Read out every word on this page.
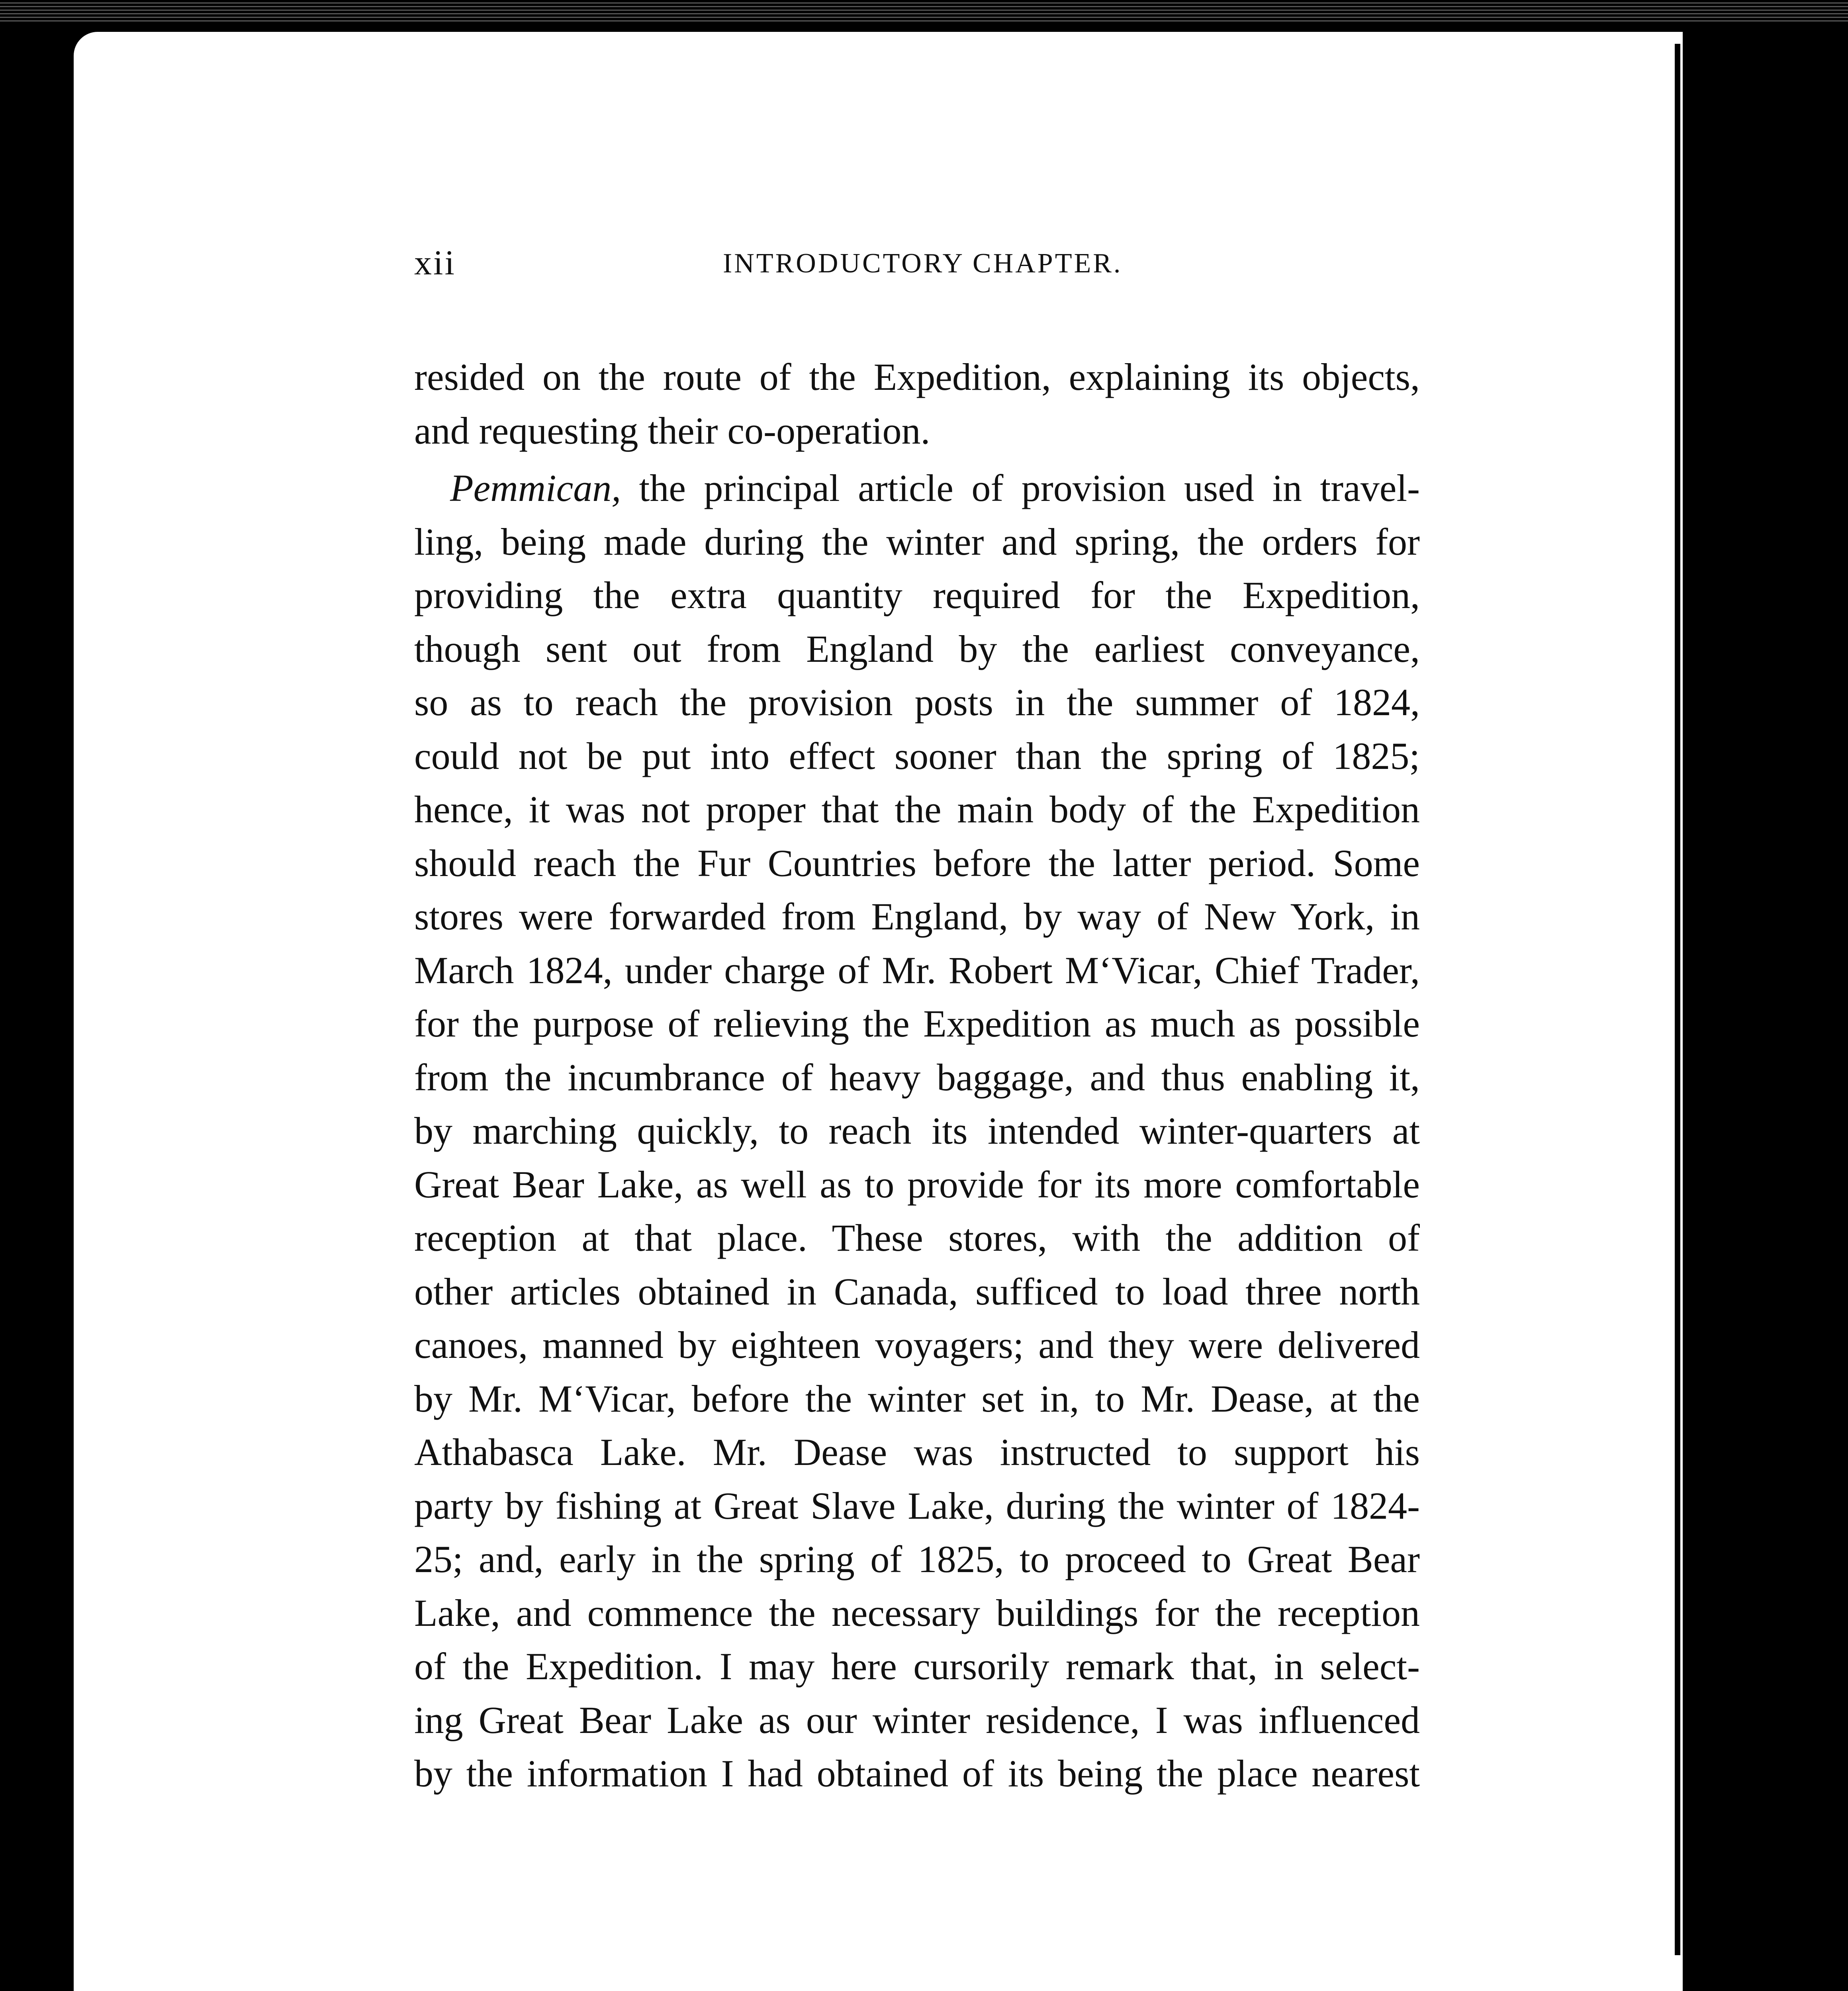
xii	INTRODUCTORY CHAPTER.
resided on the route of the Expedition, explaining its objects,
and requesting their co-operation.
Pemmican, the principal article of provision used in travel-
ling, being made during the winter and spring, the orders for
providing the extra quantity required for the Expedition,
though sent out from England by the earliest conveyance,
so as to reach the provision posts in the summer of 1824,
could not be put into effect sooner than the spring of 1825;
hence, it was not proper that the main body of the Expedition
should reach the Fur Countries before the latter period. Some
stores were forwarded from England, by way of New York, in
March 1824, under charge of Mr. Robert M‘Vicar, Chief Trader,
for the purpose of relieving the Expedition as much as possible
from the incumbrance of heavy baggage, and thus enabling it,
by marching quickly, to reach its intended winter-quarters at
Great Bear Lake, as well as to provide for its more comfortable
reception at that place. These stores, with the addition of
other articles obtained in Canada, sufficed to load three north
canoes, manned by eighteen voyagers; and they were delivered
by Mr. M‘Vicar, before the winter set in, to Mr. Dease, at the
Athabasca Lake. Mr. Dease was instructed to support his
party by fishing at Great Slave Lake, during the winter of 1824-
25; and, early in the spring of 1825, to proceed to Great Bear
Lake, and commence the necessary buildings for the reception
of the Expedition. I may here cursorily remark that, in select-
ing Great Bear Lake as our winter residence, I was influenced
by the information I had obtained of its being the place nearest
